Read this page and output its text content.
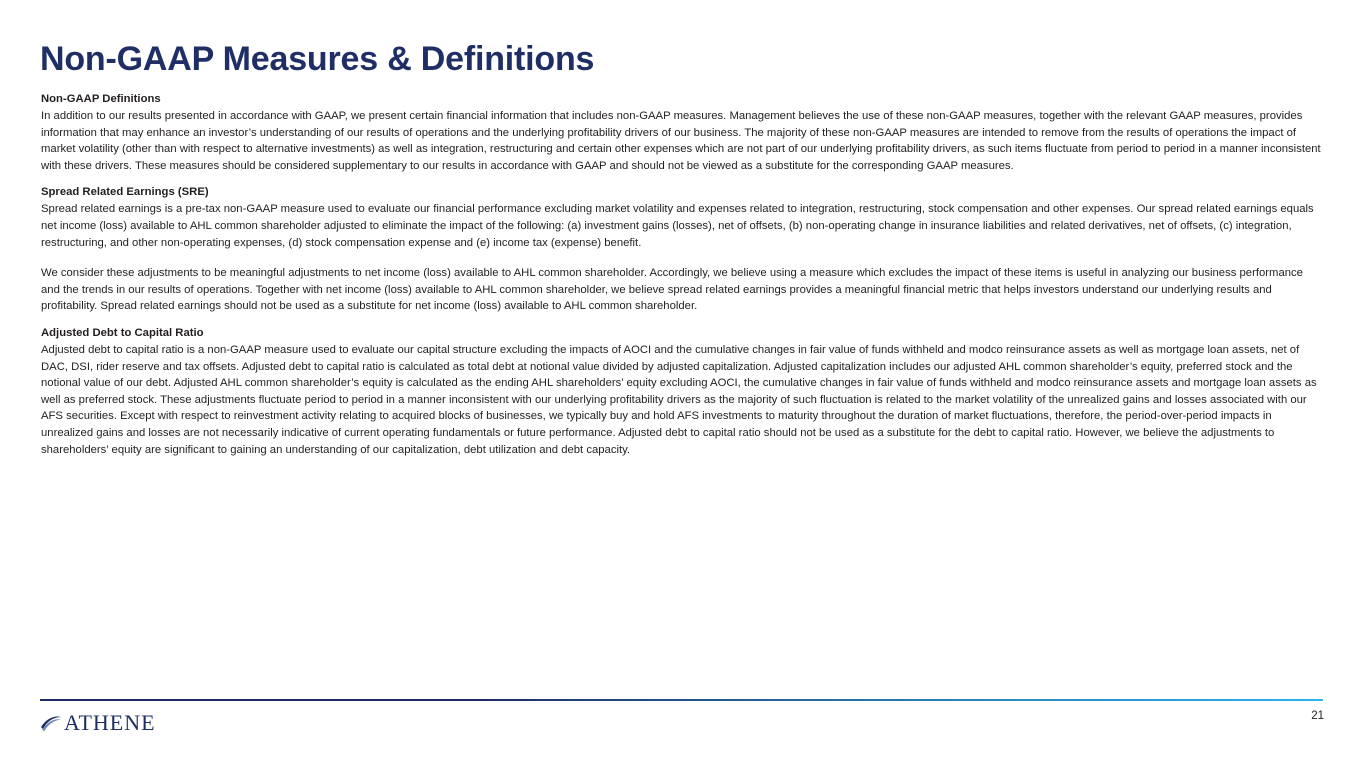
Non-GAAP Measures & Definitions
Non-GAAP Definitions

In addition to our results presented in accordance with GAAP, we present certain financial information that includes non-GAAP measures. Management believes the use of these non-GAAP measures, together with the relevant GAAP measures, provides information that may enhance an investor’s understanding of our results of operations and the underlying profitability drivers of our business. The majority of these non-GAAP measures are intended to remove from the results of operations the impact of market volatility (other than with respect to alternative investments) as well as integration, restructuring and certain other expenses which are not part of our underlying profitability drivers, as such items fluctuate from period to period in a manner inconsistent with these drivers. These measures should be considered supplementary to our results in accordance with GAAP and should not be viewed as a substitute for the corresponding GAAP measures.

Spread Related Earnings (SRE)

Spread related earnings is a pre-tax non-GAAP measure used to evaluate our financial performance excluding market volatility and expenses related to integration, restructuring, stock compensation and other expenses. Our spread related earnings equals net income (loss) available to AHL common shareholder adjusted to eliminate the impact of the following: (a) investment gains (losses), net of offsets, (b) non-operating change in insurance liabilities and related derivatives, net of offsets, (c) integration, restructuring, and other non-operating expenses, (d) stock compensation expense and (e) income tax (expense) benefit.

We consider these adjustments to be meaningful adjustments to net income (loss) available to AHL common shareholder. Accordingly, we believe using a measure which excludes the impact of these items is useful in analyzing our business performance and the trends in our results of operations. Together with net income (loss) available to AHL common shareholder, we believe spread related earnings provides a meaningful financial metric that helps investors understand our underlying results and profitability. Spread related earnings should not be used as a substitute for net income (loss) available to AHL common shareholder.

Adjusted Debt to Capital Ratio

Adjusted debt to capital ratio is a non-GAAP measure used to evaluate our capital structure excluding the impacts of AOCI and the cumulative changes in fair value of funds withheld and modco reinsurance assets as well as mortgage loan assets, net of DAC, DSI, rider reserve and tax offsets. Adjusted debt to capital ratio is calculated as total debt at notional value divided by adjusted capitalization. Adjusted capitalization includes our adjusted AHL common shareholder’s equity, preferred stock and the notional value of our debt. Adjusted AHL common shareholder’s equity is calculated as the ending AHL shareholders’ equity excluding AOCI, the cumulative changes in fair value of funds withheld and modco reinsurance assets and mortgage loan assets as well as preferred stock. These adjustments fluctuate period to period in a manner inconsistent with our underlying profitability drivers as the majority of such fluctuation is related to the market volatility of the unrealized gains and losses associated with our AFS securities. Except with respect to reinvestment activity relating to acquired blocks of businesses, we typically buy and hold AFS investments to maturity throughout the duration of market fluctuations, therefore, the period-over-period impacts in unrealized gains and losses are not necessarily indicative of current operating fundamentals or future performance. Adjusted debt to capital ratio should not be used as a substitute for the debt to capital ratio. However, we believe the adjustments to shareholders’ equity are significant to gaining an understanding of our capitalization, debt utilization and debt capacity.

ATHENE	21
